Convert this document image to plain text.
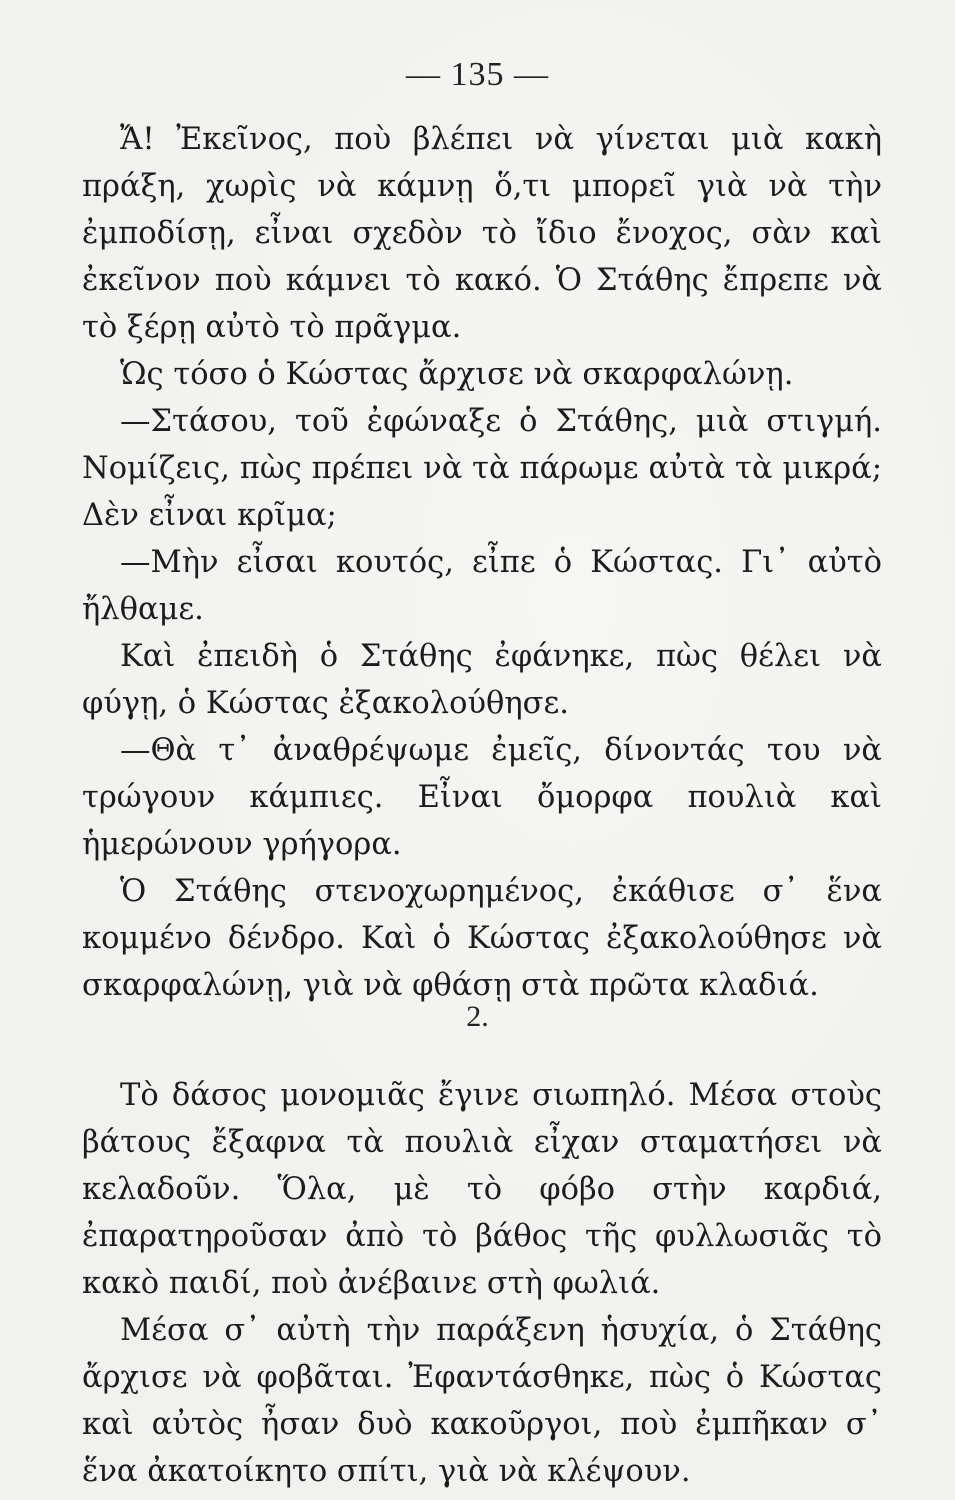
— 135 —

Ἄ! Ἐκεῖνος, ποὺ βλέπει νὰ γίνεται μιὰ κακὴ πράξη, χωρὶς νὰ κάμνῃ ὅ,τι μπορεῖ γιὰ νὰ τὴν ἐμποδίσῃ, εἶναι σχεδὸν τὸ ἴδιο ἔνοχος, σὰν καὶ ἐκεῖνον ποὺ κάμνει τὸ κακό. Ὁ Στάθης ἔπρεπε νὰ τὸ ξέρῃ αὐτὸ τὸ πρᾶγμα.

Ὡς τόσο ὁ Κώστας ἄρχισε νὰ σκαρφαλώνῃ.

—Στάσου, τοῦ ἐφώναξε ὁ Στάθης, μιὰ στιγμή. Νομίζεις, πὼς πρέπει νὰ τὰ πάρωμε αὐτὰ τὰ μικρά; Δὲν εἶναι κρῖμα;

—Μὴν εἶσαι κουτός, εἶπε ὁ Κώστας. Γι᾽ αὐτὸ ἤλθαμε.

Καὶ ἐπειδὴ ὁ Στάθης ἐφάνηκε, πὼς θέλει νὰ φύγῃ, ὁ Κώστας ἐξακολούθησε.

—Θὰ τ᾽ ἀναθρέψωμε ἐμεῖς, δίνοντάς του νὰ τρώγουν κάμπιες. Εἶναι ὄμορφα πουλιὰ καὶ ἡμερώνουν γρήγορα.

Ὁ Στάθης στενοχωρημένος, ἐκάθισε σ᾽ ἕνα κομμένο δένδρο. Καὶ ὁ Κώστας ἐξακολούθησε νὰ σκαρφαλώνῃ, γιὰ νὰ φθάσῃ στὰ πρῶτα κλαδιά.

2.

Τὸ δάσος μονομιᾶς ἔγινε σιωπηλό. Μέσα στοὺς βάτους ἔξαφνα τὰ πουλιὰ εἶχαν σταματήσει νὰ κελαδοῦν. Ὅλα, μὲ τὸ φόβο στὴν καρδιά, ἐπαρατηροῦσαν ἀπὸ τὸ βάθος τῆς φυλλωσιᾶς τὸ κακὸ παιδί, ποὺ ἀνέβαινε στὴ φωλιά.

Μέσα σ᾽ αὐτὴ τὴν παράξενη ἡσυχία, ὁ Στάθης ἄρχισε νὰ φοβᾶται. Ἐφαντάσθηκε, πὼς ὁ Κώστας καὶ αὐτὸς ἦσαν δυὸ κακοῦργοι, ποὺ ἐμπῆκαν σ᾽ ἕνα ἀκατοίκητο σπίτι, γιὰ νὰ κλέψουν.
